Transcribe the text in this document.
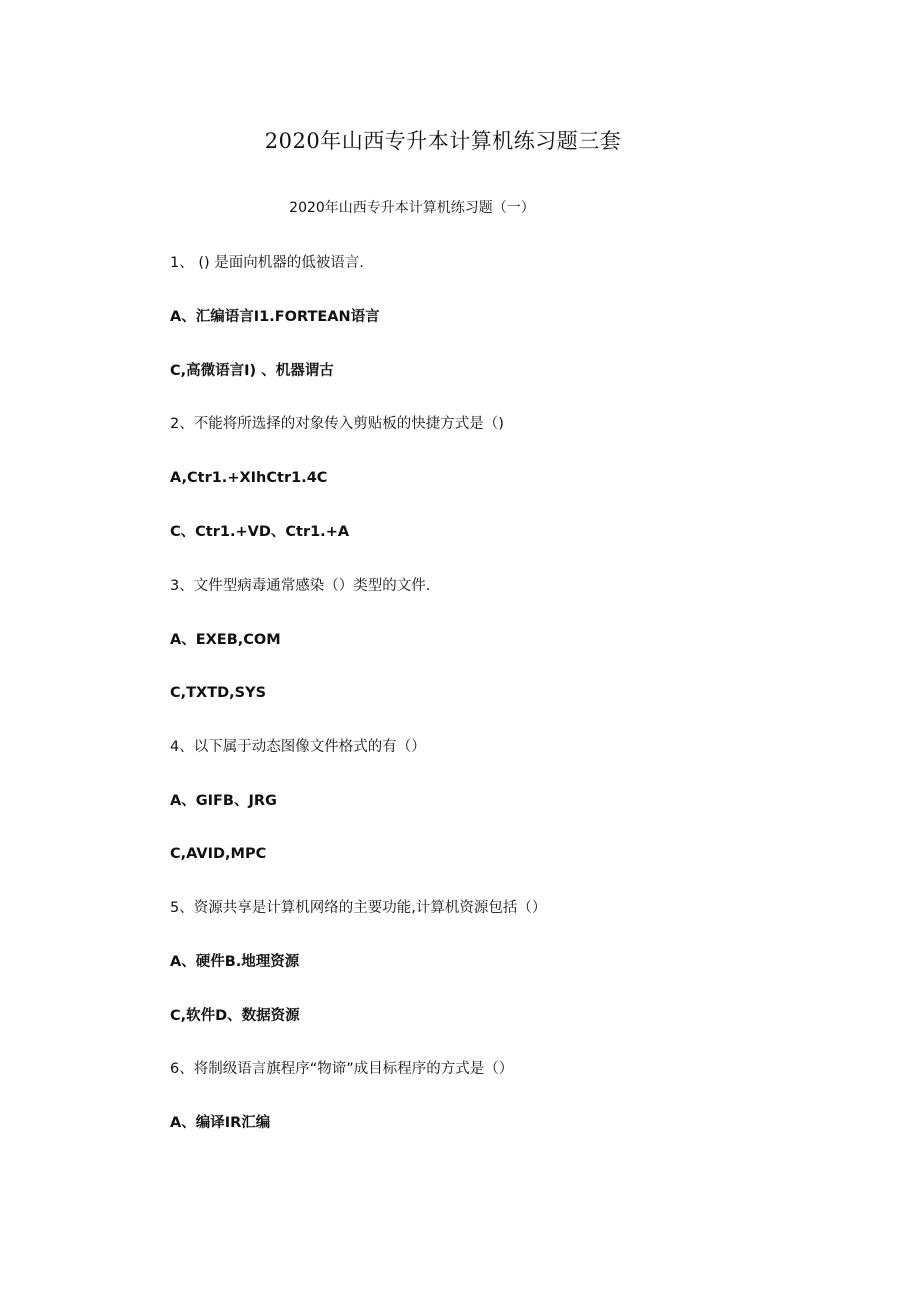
2020年山西专升本计算机练习题三套
2020年山西专升本计算机练习题（一）
1、 () 是面向机器的低被语言.
A、汇编语言I1.FORTEAN语言
C,高微语言I) 、机器谓古
2、不能将所选择的对象传入剪贴板的快捷方式是（)
A,Ctr1.+XIhCtr1.4C
C、Ctr1.+VD、Ctr1.+A
3、文件型病毒通常感染（）类型的文件.
A、EXEB,COM
C,TXTD,SYS
4、以下属于动态图像文件格式的有（）
A、GIFB、JRG
C,AVID,MPC
5、资源共享是计算机网络的主要功能,计算机资源包括（）
A、硬件B.地理资源
C,软件D、数据资源
6、将制级语言旗程序“物谛”成目标程序的方式是（）
A、编译IR汇编
